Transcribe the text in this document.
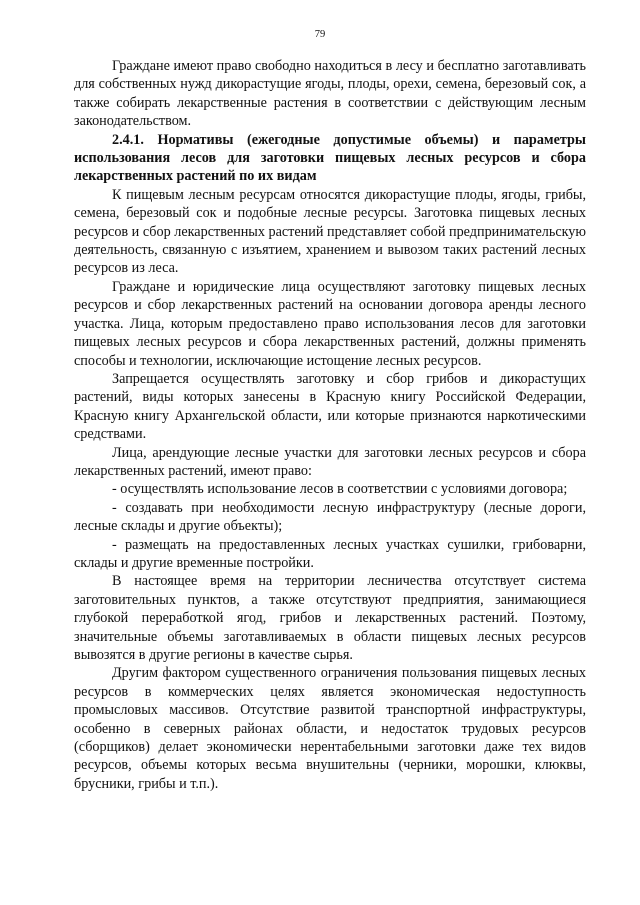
79

Граждане имеют право свободно находиться в лесу и бесплатно заготавливать для собственных нужд дикорастущие ягоды, плоды, орехи, семена, березовый сок, а также собирать лекарственные растения в соответствии с действующим лесным законодательством.

2.4.1. Нормативы (ежегодные допустимые объемы) и параметры использования лесов для заготовки пищевых лесных ресурсов и сбора лекарственных растений по их видам

К пищевым лесным ресурсам относятся дикорастущие плоды, ягоды, грибы, семена, березовый сок и подобные лесные ресурсы. Заготовка пищевых лесных ресурсов и сбор лекарственных растений представляет собой предпринимательскую деятельность, связанную с изъятием, хранением и вывозом таких растений лесных ресурсов из леса.

Граждане и юридические лица осуществляют заготовку пищевых лесных ресурсов и сбор лекарственных растений на основании договора аренды лесного участка. Лица, которым предоставлено право использования лесов для заготовки пищевых лесных ресурсов и сбора лекарственных растений, должны применять способы и технологии, исключающие истощение лесных ресурсов.

Запрещается осуществлять заготовку и сбор грибов и дикорастущих растений, виды которых занесены в Красную книгу Российской Федерации, Красную книгу Архангельской области, или которые признаются наркотическими средствами.

Лица, арендующие лесные участки для заготовки лесных ресурсов и сбора лекарственных растений, имеют право:

- осуществлять использование лесов в соответствии с условиями договора;

- создавать при необходимости лесную инфраструктуру (лесные дороги, лесные склады и другие объекты);

- размещать на предоставленных лесных участках сушилки, грибоварни, склады и другие временные постройки.

В настоящее время на территории лесничества отсутствует система заготовительных пунктов, а также отсутствуют предприятия, занимающиеся глубокой переработкой ягод, грибов и лекарственных растений. Поэтому, значительные объемы заготавливаемых в области пищевых лесных ресурсов вывозятся в другие регионы в качестве сырья.

Другим фактором существенного ограничения пользования пищевых лесных ресурсов в коммерческих целях является экономическая недоступность промысловых массивов. Отсутствие развитой транспортной инфраструктуры, особенно в северных районах области, и недостаток трудовых ресурсов (сборщиков) делает экономически нерентабельными заготовки даже тех видов ресурсов, объемы которых весьма внушительны (черники, морошки, клюквы, брусники, грибы и т.п.).
